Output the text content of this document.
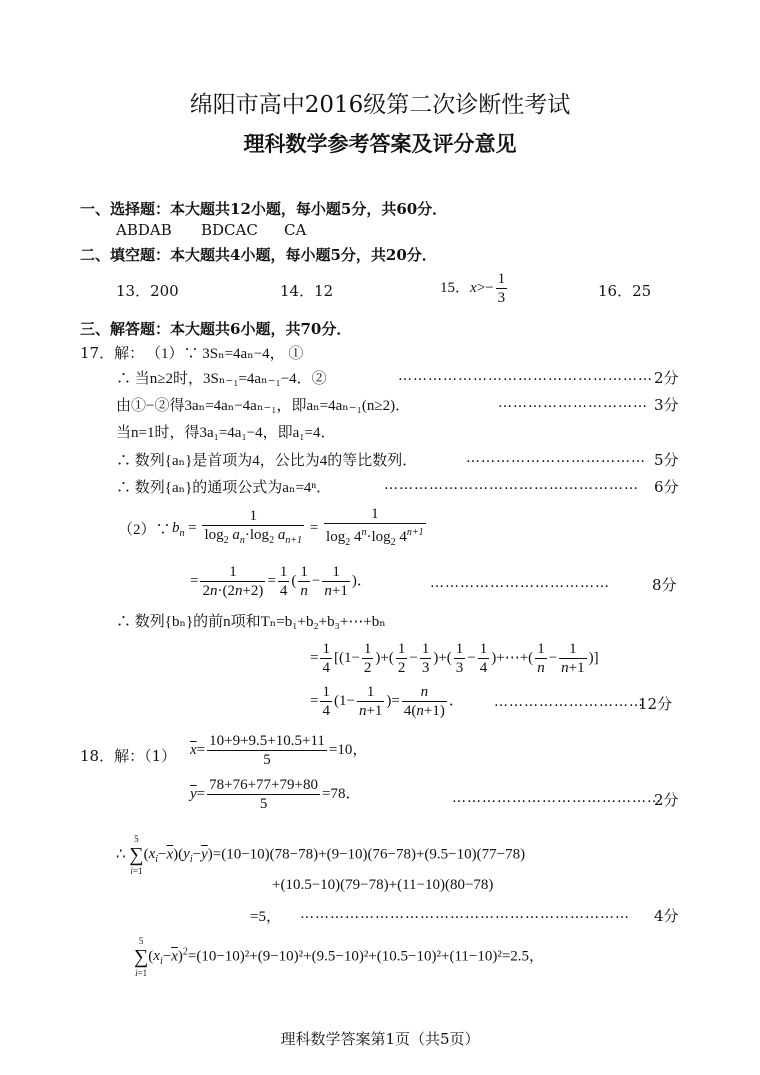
绵阳市高中2016级第二次诊断性考试
理科数学参考答案及评分意见
一、选择题：本大题共12小题，每小题5分，共60分．
ABDAB BDCAC CA
二、填空题：本大题共4小题，每小题5分，共20分．
13．200	14．12	15．$x>- \frac{1}{3}$	16．25
三、解答题：本大题共6小题，共70分．
17．解： （1）∵ 3Sₙ=4aₙ−4， ①
∴ 当n≥2时，3Sₙ₋₁=4aₙ₋₁−4．②	…………………………………………… 2分
由①−②得3aₙ=4aₙ−4aₙ₋₁，即aₙ=4aₙ₋₁(n≥2)．	………………………… 3分
当n=1时，得3a₁=4a₁−4，即a₁=4．
∴ 数列{aₙ}是首项为4，公比为4的等比数列．	……………………………… 5分
∴ 数列{aₙ}的通项公式为aₙ=4ⁿ．	…………………………………………… 6分
（2）∵ $b_n = \frac{1}{\log_2 a_n\cdot\log_2 a_{n+1}} = \frac{1}{\log_2 4^n\cdot\log_2 4^{n+1}}$
= $\frac{1}{2n\cdot(2n+2)} = \frac{1}{4}$ ( $\frac{1}{n} - \frac{1}{n+1}$ )．	………………………………	8分
∴ 数列{bₙ}的前n项和Tₙ=b₁+b₂+b₃+⋯+bₙ
= $\frac{1}{4} [(1- \frac{1}{2}$ )+( $\frac{1}{2} - \frac{1}{3}$ )+( $\frac{1}{3} - \frac{1}{4}$ )+⋯+( $\frac{1}{n} - \frac{1}{n+1}$ )]
= $\frac{1}{4} (1- \frac{1}{n+1}$ )= $\frac{n}{4(n+1)}$ ． …………………………
12分
18．解：（1） $\overline{x}= \frac{10+9+9.5+10.5+11}{5} =10$，
$\overline{y}= \frac{78+76+77+79+80}{5} =78$．	……………………………………
2分
∴
5
∑
i=1
$(x_i-\overline{x})(y_i-\overline{y})=(10-10)(78-78)+(9-10)(76-78)+(9.5-10)(77-78)$
+(10.5−10)(79−78)+(11−10)(80−78)
=5， ………………………………………………………… 4分
5
∑
i=1
$(x_i-\overline{x})^2=(10-10)^2+(9-10)^2+(9.5-10)^2+(10.5-10)^2+(11-10)^2=2.5$，
理科数学答案第1页（共5页）
